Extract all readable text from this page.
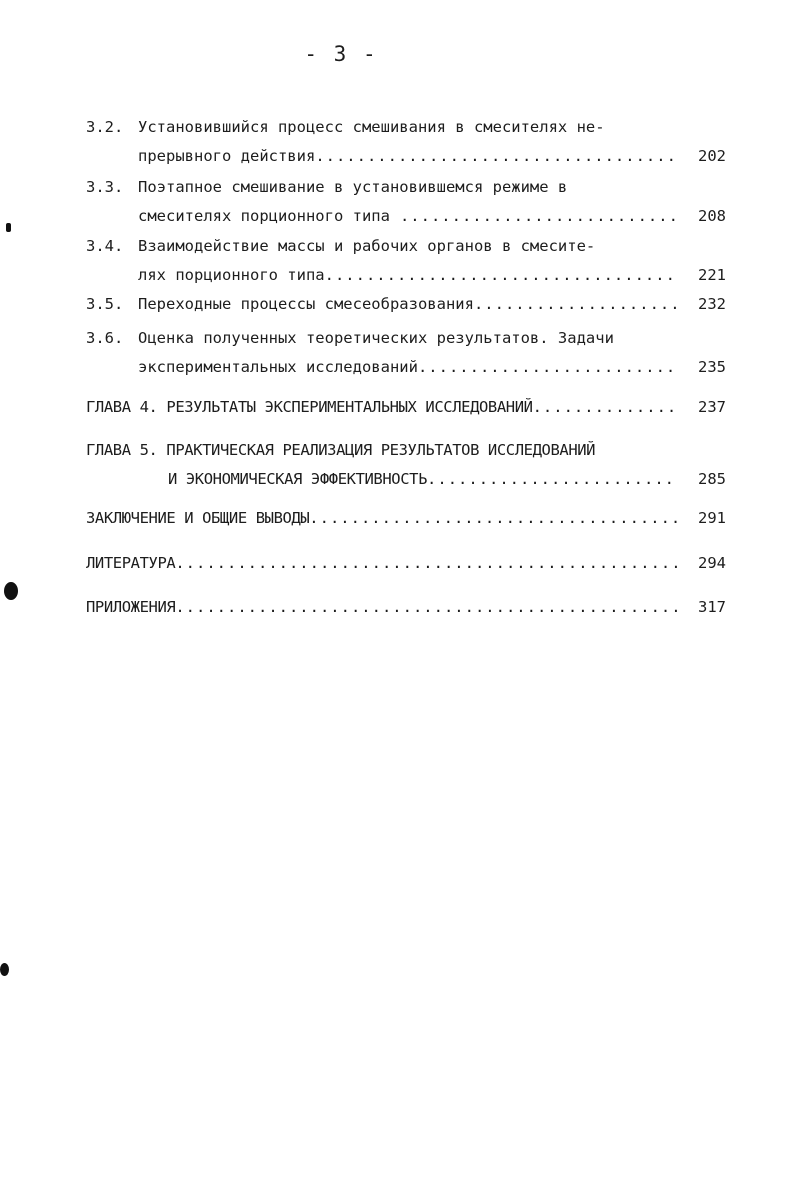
- 3 -
3.2. Установившийся процесс смешивания в смесителях не-
прерывного действия .....	202
3.3. Поэтапное смешивание в установившемся режиме в
смесителях порционного типа .....	208
3.4. Взаимодействие массы и рабочих органов в смесите-
лях порционного типа .....	221
3.5. Переходные процессы смесеобразования .....	232
3.6. Оценка полученных теоретических результатов. Задачи
экспериментальных исследований .....	235
ГЛАВА 4. РЕЗУЛЬТАТЫ ЭКСПЕРИМЕНТАЛЬНЫХ ИССЛЕДОВАНИЙ .....	237
ГЛАВА 5. ПРАКТИЧЕСКАЯ РЕАЛИЗАЦИЯ РЕЗУЛЬТАТОВ ИССЛЕДОВАНИЙ
И ЭКОНОМИЧЕСКАЯ ЭФФЕКТИВНОСТЬ .....	285
ЗАКЛЮЧЕНИЕ И ОБЩИЕ ВЫВОДЫ .....	291
ЛИТЕРАТУРА .....	294
ПРИЛОЖЕНИЯ .....	317
